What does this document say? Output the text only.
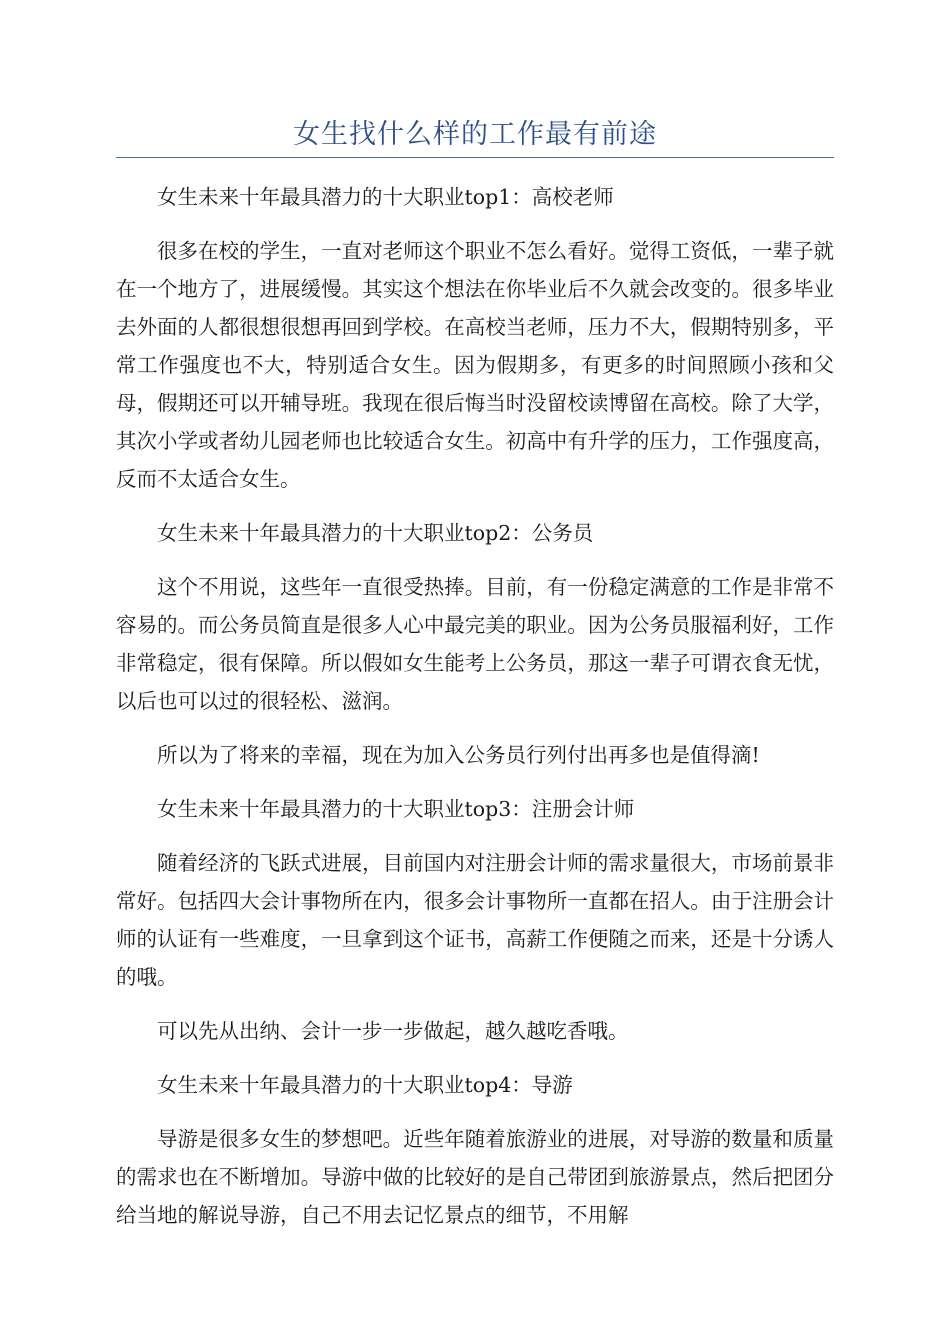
女生找什么样的工作最有前途

女生未来十年最具潜力的十大职业top1：高校老师

很多在校的学生，一直对老师这个职业不怎么看好。觉得工资低，一辈子就在一个地方了，进展缓慢。其实这个想法在你毕业后不久就会改变的。很多毕业去外面的人都很想很想再回到学校。在高校当老师，压力不大，假期特别多，平常工作强度也不大，特别适合女生。因为假期多，有更多的时间照顾小孩和父母，假期还可以开辅导班。我现在很后悔当时没留校读博留在高校。除了大学，其次小学或者幼儿园老师也比较适合女生。初高中有升学的压力，工作强度高，反而不太适合女生。

女生未来十年最具潜力的十大职业top2：公务员

这个不用说，这些年一直很受热捧。目前，有一份稳定满意的工作是非常不容易的。而公务员简直是很多人心中最完美的职业。因为公务员服福利好，工作非常稳定，很有保障。所以假如女生能考上公务员，那这一辈子可谓衣食无忧，以后也可以过的很轻松、滋润。

所以为了将来的幸福，现在为加入公务员行列付出再多也是值得滴!

女生未来十年最具潜力的十大职业top3：注册会计师

随着经济的飞跃式进展，目前国内对注册会计师的需求量很大，市场前景非常好。包括四大会计事物所在内，很多会计事物所一直都在招人。由于注册会计师的认证有一些难度，一旦拿到这个证书，高薪工作便随之而来，还是十分诱人的哦。

可以先从出纳、会计一步一步做起，越久越吃香哦。

女生未来十年最具潜力的十大职业top4：导游

导游是很多女生的梦想吧。近些年随着旅游业的进展，对导游的数量和质量的需求也在不断增加。导游中做的比较好的是自己带团到旅游景点，然后把团分给当地的解说导游，自己不用去记忆景点的细节，不用解
